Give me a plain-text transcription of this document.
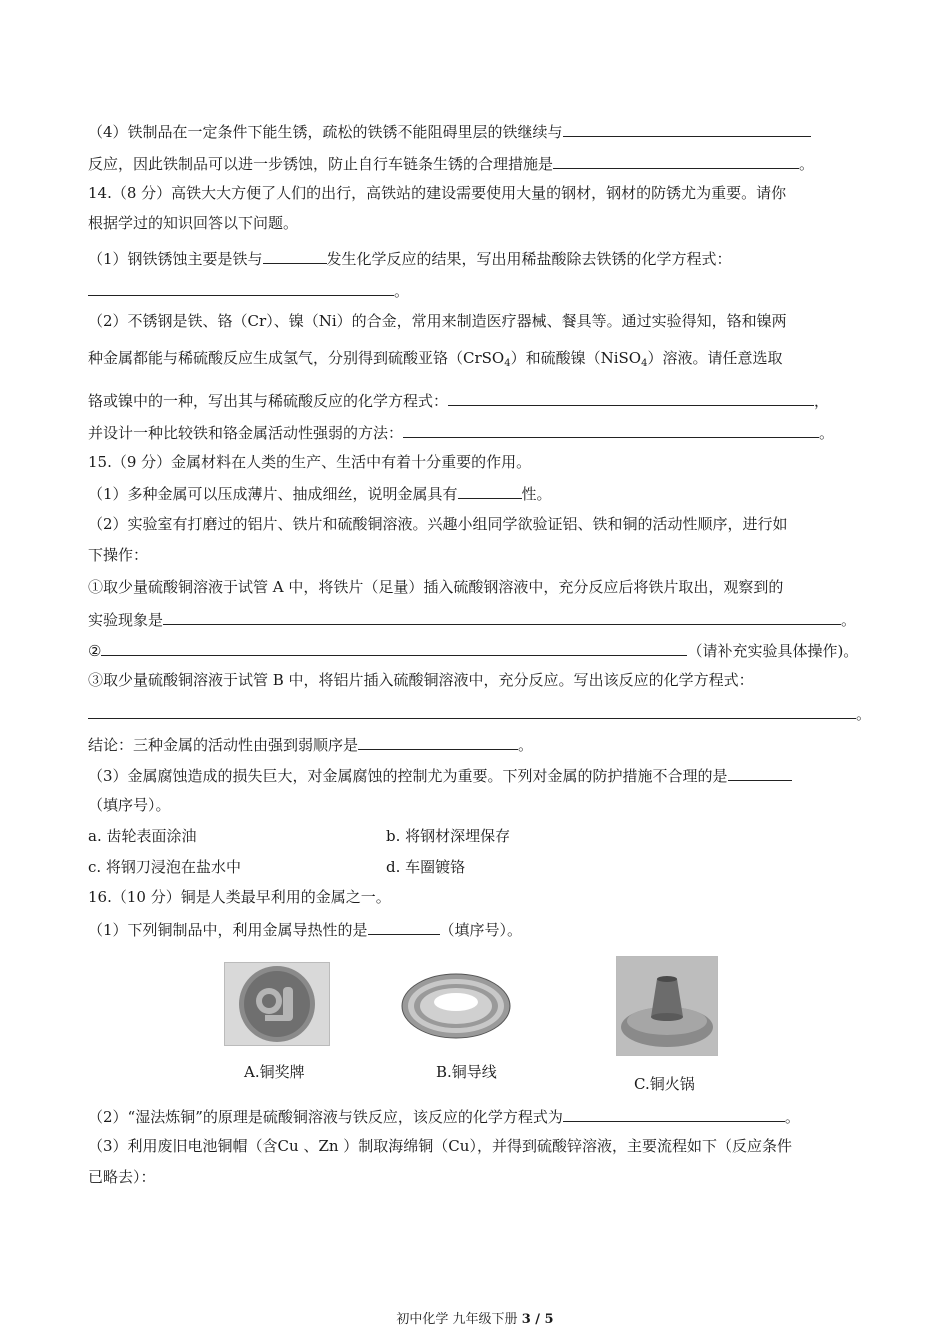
（4）铁制品在一定条件下能生锈，疏松的铁锈不能阻碍里层的铁继续与
反应，因此铁制品可以进一步锈蚀，防止自行车链条生锈的合理措施是	。
14.（8 分）高铁大大方便了人们的出行，高铁站的建设需要使用大量的钢材，钢材的防锈尤为重要。请你
根据学过的知识回答以下问题。
（1）钢铁锈蚀主要是铁与	发生化学反应的结果，写出用稀盐酸除去铁锈的化学方程式：
。
（2）不锈钢是铁、铬（Cr）、镍（Ni）的合金，常用来制造医疗器械、餐具等。通过实验得知，铬和镍两
种金属都能与稀硫酸反应生成氢气，分别得到硫酸亚铬（CrSO$_4$）和硫酸镍（NiSO$_4$）溶液。请任意选取
铬或镍中的一种，写出其与稀硫酸反应的化学方程式：	，
并设计一种比较铁和铬金属活动性强弱的方法：	。
15.（9 分）金属材料在人类的生产、生活中有着十分重要的作用。
（1）多种金属可以压成薄片、抽成细丝，说明金属具有	性。
（2）实验室有打磨过的铝片、铁片和硫酸铜溶液。兴趣小组同学欲验证铝、铁和铜的活动性顺序，进行如
下操作：
①取少量硫酸铜溶液于试管 A 中，将铁片（足量）插入硫酸钢溶液中，充分反应后将铁片取出，观察到的
实验现象是	。
②	（请补充实验具体操作)。
③取少量硫酸铜溶液于试管 B 中，将铝片插入硫酸铜溶液中，充分反应。写出该反应的化学方程式：
。
结论：三种金属的活动性由强到弱顺序是	。
（3）金属腐蚀造成的损失巨大，对金属腐蚀的控制尤为重要。下列对金属的防护措施不合理的是
（填序号）。
a. 齿轮表面涂油	b. 将钢材深埋保存
c. 将钢刀浸泡在盐水中	d. 车圈镀铬
16.（10 分）铜是人类最早利用的金属之一。
（1）下列铜制品中，利用金属导热性的是	（填序号）。
A.铜奖牌	B.铜导线
C.铜火锅
（2）“湿法炼铜”的原理是硫酸铜溶液与铁反应，该反应的化学方程式为	。
（3）利用废旧电池铜帽（含Cu 、Zn ）制取海绵铜（Cu），并得到硫酸锌溶液，主要流程如下（反应条件
已略去）：
初中化学 九年级下册 3 / 5
